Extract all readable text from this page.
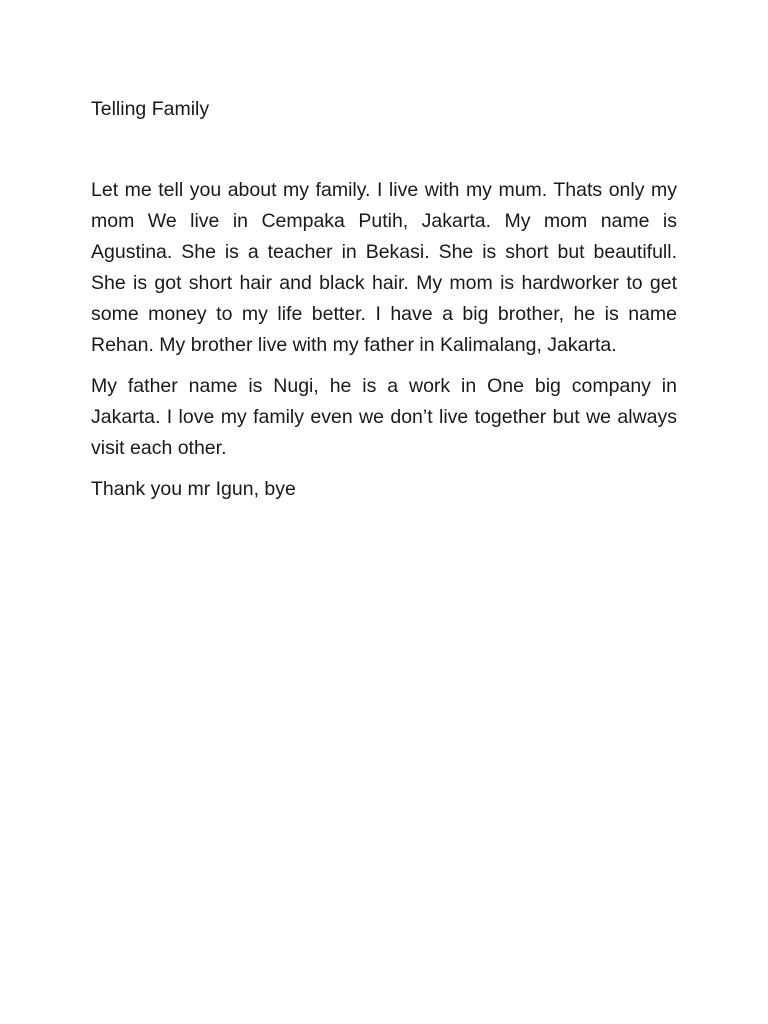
Telling Family

Let me tell you about my family. I live with my mum. Thats only my mom We live in Cempaka Putih, Jakarta. My mom name is Agustina. She is a teacher in Bekasi. She is short but beautifull. She is got short hair and black hair. My mom is hardworker to get some money to my life better. I have a big brother, he is name Rehan. My brother live with my father in Kalimalang, Jakarta.

My father name is Nugi, he is a work in One big company in Jakarta. I love my family even we don’t live together but we always visit each other.

Thank you mr Igun, bye
